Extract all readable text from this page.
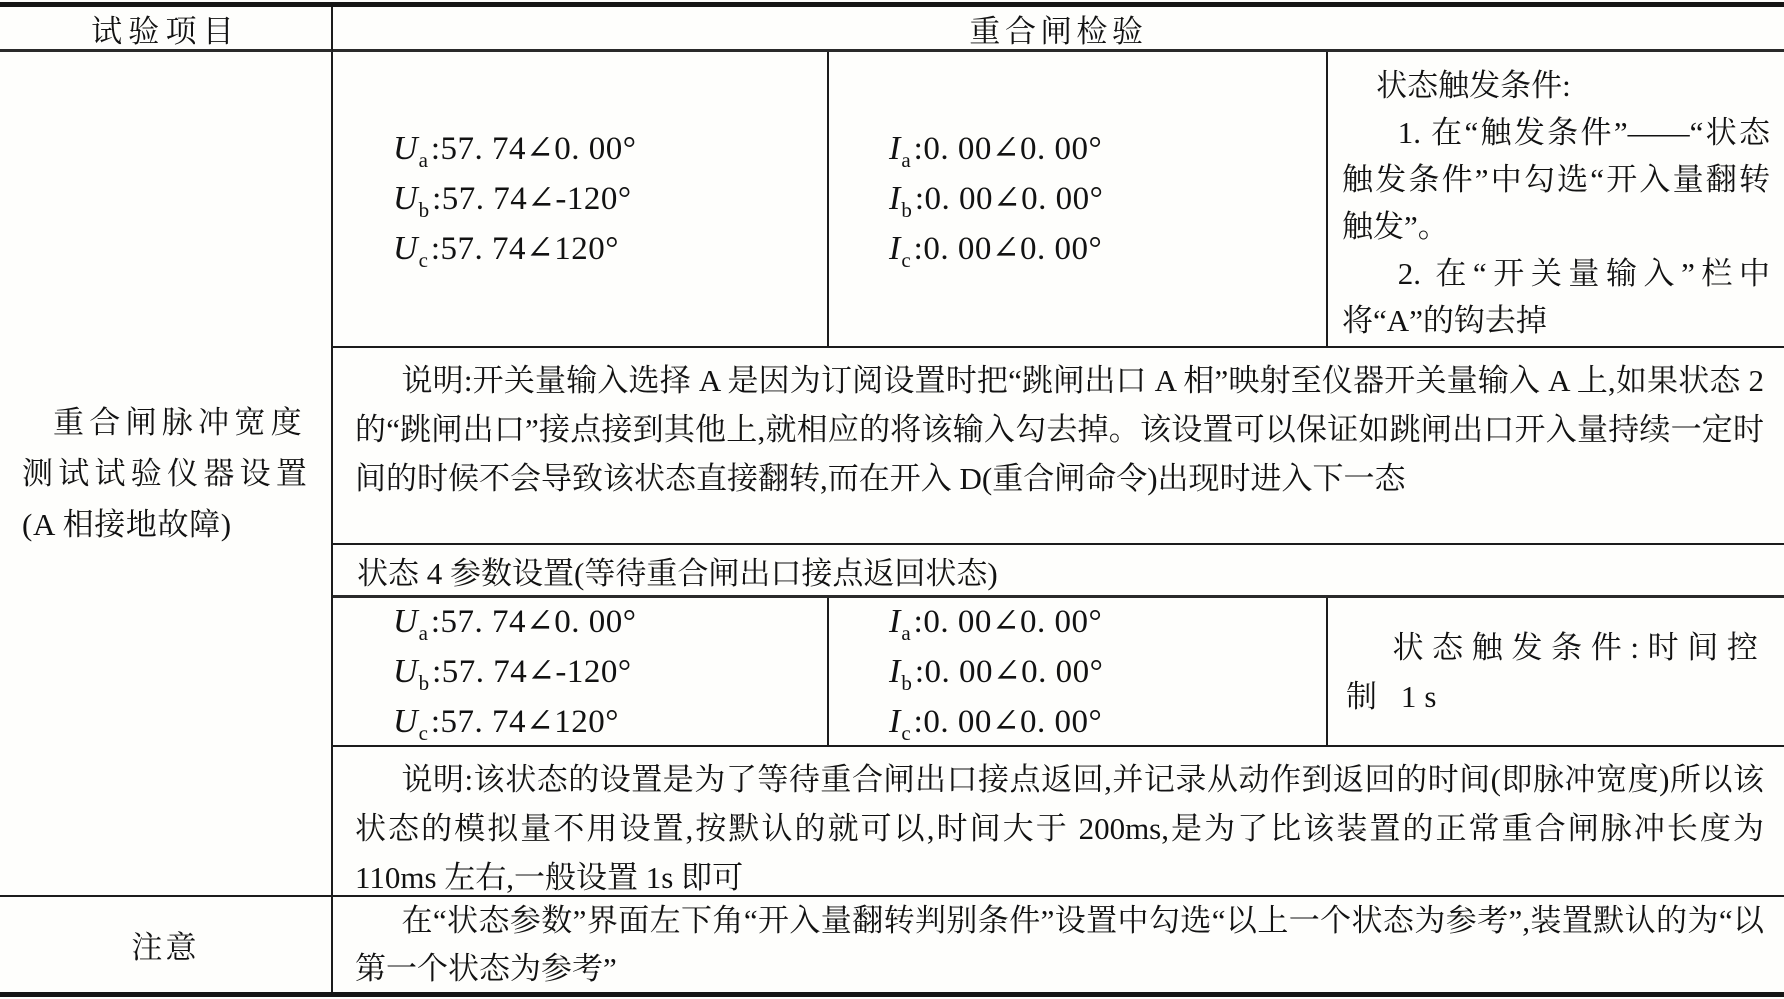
试验项目	重合闸检验
重合闸脉冲宽度
测试试验仪器设置
(A 相接地故障)
$U_a:57$. 74∠0. 00°
$U_b:57$. 74∠-120°
$U_c:57$. 74∠120°
$I_a:0$. 00∠0. 00°
$I_b:0$. 00∠0. 00°
$I_c:0$. 00∠0. 00°

状态触发条件:

1. 在“触发条件”——“状态触发条件”中勾选“开入量翻转触发”。

2. 在“开关量输入”栏中将“A”的钩去掉

说明:开关量输入选择 A 是因为订阅设置时把“跳闸出口 A 相”映射至仪器开关量输入 A 上,如果状态 2 的“跳闸出口”接点接到其他上,就相应的将该输入勾去掉。该设置可以保证如跳闸出口开入量持续一定时间的时候不会导致该状态直接翻转,而在开入 D(重合闸命令)出现时进入下一态

状态 4 参数设置(等待重合闸出口接点返回状态)
$U_a:57$. 74∠0. 00°
$U_b:57$. 74∠-120°
$U_c:57$. 74∠120°
$I_a:0$. 00∠0. 00°
$I_b:0$. 00∠0. 00°
$I_c:0$. 00∠0. 00°

状态触发条件:时间控制 1s

说明:该状态的设置是为了等待重合闸出口接点返回,并记录从动作到返回的时间(即脉冲宽度)所以该状态的模拟量不用设置,按默认的就可以,时间大于 200ms,是为了比该装置的正常重合闸脉冲长度为 110ms 左右,一般设置 1s 即可

注意

在“状态参数”界面左下角“开入量翻转判别条件”设置中勾选“以上一个状态为参考”,装置默认的为“以第一个状态为参考”
